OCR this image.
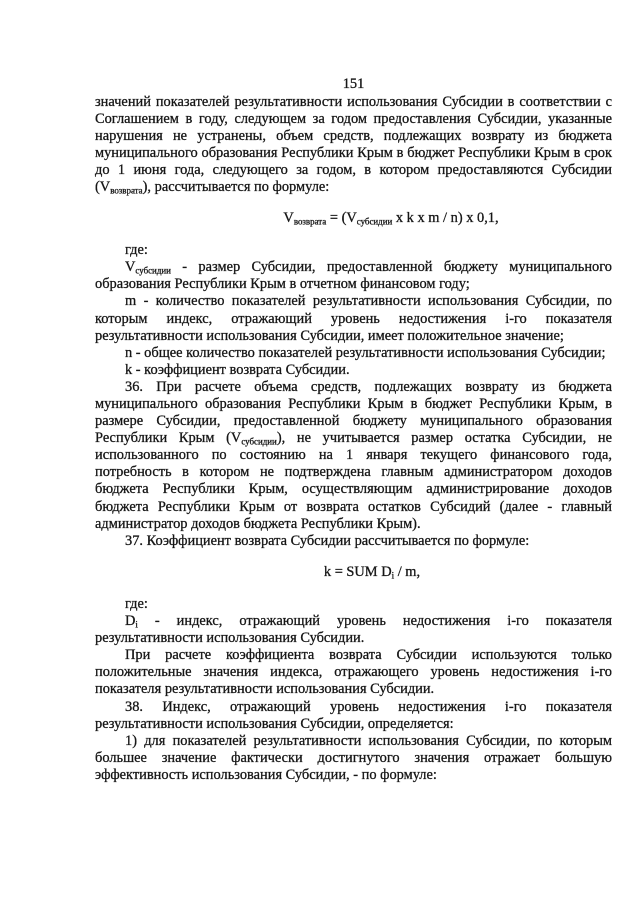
151
значений показателей результативности использования Субсидии в соответствии с
Соглашением в году, следующем за годом предоставления Субсидии, указанные
нарушения не устранены, объем средств, подлежащих возврату из бюджета
муниципального образования Республики Крым в бюджет Республики Крым в срок
до 1 июня года, следующего за годом, в котором предоставляются Субсидии
$(V_{возврата})$, рассчитывается по формуле:
$V_{возврата} = (V_{субсидии}$ x k x m / n) x 0,1,
где:
$V_{субсидии}$ - размер Субсидии, предоставленной бюджету муниципального
образования Республики Крым в отчетном финансовом году;
m - количество показателей результативности использования Субсидии, по
которым индекс, отражающий уровень недостижения i-го показателя
результативности использования Субсидии, имеет положительное значение;
n - общее количество показателей результативности использования Субсидии;
k - коэффициент возврата Субсидии.
36. При расчете объема средств, подлежащих возврату из бюджета
муниципального образования Республики Крым в бюджет Республики Крым, в
размере Субсидии, предоставленной бюджету муниципального образования
Республики Крым $(V_{субсидии})$, не учитывается размер остатка Субсидии, не
использованного по состоянию на 1 января текущего финансового года,
потребность в котором не подтверждена главным администратором доходов
бюджета Республики Крым, осуществляющим администрирование доходов
бюджета Республики Крым от возврата остатков Субсидий (далее - главный
администратор доходов бюджета Республики Крым).
37. Коэффициент возврата Субсидии рассчитывается по формуле:
k = SUM $D_i$ / m,
где:
$D_i$ - индекс, отражающий уровень недостижения i-го показателя
результативности использования Субсидии.
При расчете коэффициента возврата Субсидии используются только
положительные значения индекса, отражающего уровень недостижения i-го
показателя результативности использования Субсидии.
38. Индекс, отражающий уровень недостижения i-го показателя
результативности использования Субсидии, определяется:
1) для показателей результативности использования Субсидии, по которым
большее значение фактически достигнутого значения отражает большую
эффективность использования Субсидии, - по формуле:
